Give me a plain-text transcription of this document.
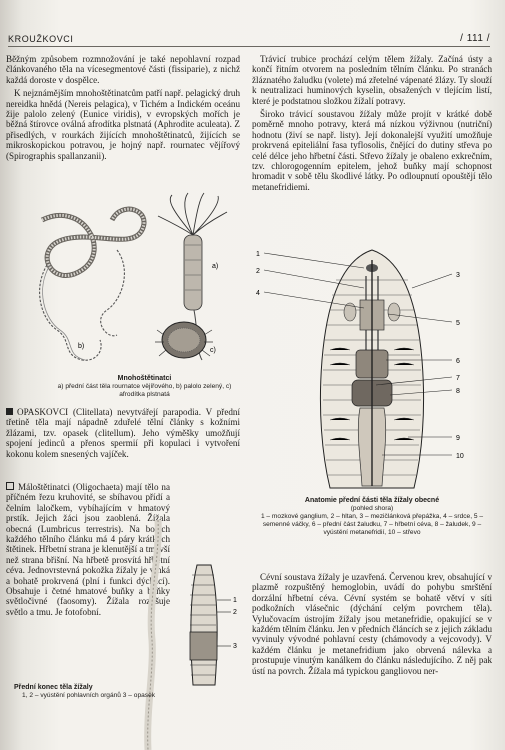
KROUŽKOVCI	/ 111 /

Běžným způsobem rozmnožování je také nepohlavní rozpad článkovaného těla na vícesegmentové části (fissiparie), z nichž každá doroste v dospělce.

K nejznámějším mnohoštětinatcům patří např. pelagický druh nereidka hnědá (Nereis pelagica), v Tichém a Indickém oceánu žije palolo zelený (Eunice viridis), v evropských mořích je běžná štírovce oválná afrodítka plstnatá (Aphrodite aculeata). Z přisedlých, v rourkách žijících mnohoštětinatců, žijících se mikroskopickou potravou, je hojný např. rournatec vějířový (Spirographis spallanzanii).

a)
b)
c)
Mnohoštětinatci
a) přední část těla rournatce vějířového, b) palolo zelený, c) afrodítka plstnatá

OPASKOVCI (Clitellata) nevytvářejí parapodia. V přední třetině těla mají nápadně zduřelé tělní články s kožními žlázami, tzv. opasek (clitellum). Jeho výměšky umožňují spojení jedinců a přenos spermií při kopulaci i vytvoření kokonu kolem snesených vajíček.

Máloštětinatci (Oligochaeta) mají tělo na příčném řezu kruhovité, se sbíhavou přídí a čelním laločkem, vybíhajícím v hmatový prstík. Jejich žáci jsou zaoblená. Žížala obecná (Lumbricus terrestris). Na bocích každého tělního článku má 4 páry krátkých štětinek. Hřbetní strana je klenutější a tmavší než strana břišní. Na hřbetě prosvítá hřbetní céva. Jednovrstevná pokožka žížaly je vlhká a bohatě prokrvená (plní i funkci dýchací). Obsahuje i četné hmatové buňky a buňky světločivné (faosomy). Žížala rozlišuje světlo a tmu. Je fotofobní.

1
2
3
Přední konec těla žížaly
1, 2 – vyústění pohlavních orgánů 3 – opasek

Trávicí trubice prochází celým tělem žížaly. Začíná ústy a končí řitním otvorem na posledním tělním článku. Po stranách žláznatého žaludku (volete) má zřetelné vápenaté žlázy. Ty slouží k neutralizaci huminových kyselin, obsažených v tlejícím listí, které je podstatnou složkou žížalí potravy.

Široko trávicí soustavou žížaly může projít v krátké době poměrně mnoho potravy, která má nízkou výživnou (nutriční) hodnotu (živí se např. listy). Její dokonalejší využití umožňuje prokrvená epiteliální řasa tyflosolis, čnějící do dutiny střeva po celé délce jeho hřbetní části. Střevo žížaly je obaleno exkrečním, tzv. chlorogogenním epitelem, jehož buňky mají schopnost hromadit v sobě tělu škodlivé látky. Po odloupnutí opouštějí tělo metanefridiemi.

1
2
4
3
5
6
7
8
9
10
Anatomie přední části těla žížaly obecné
(pohled shora)
1 – mozkové ganglium, 2 – hltan, 3 – mezičlánková přepážka, 4 – srdce, 5 – semenné váčky, 6 – přední část žaludku, 7 – hřbetní céva, 8 – žaludek, 9 – vyústění metanefridií, 10 – střevo

Cévní soustava žížaly je uzavřená. Červenou krev, obsahující v plazmě rozpuštěný hemoglobin, uvádí do pohybu smrštění dorzální hřbetní céva. Cévní systém se bohatě větví v síti podkožních vlásečnic (dýchání celým povrchem těla). Vylučovacím ústrojím žížaly jsou metanefridie, opakující se v každém tělním článku. Jen v předních článcích se z jejich základu vyvinuly vývodné pohlavní cesty (chámovody a vejcovody). V každém článku je metanefridium jako obrvená nálevka a prostupuje vinutým kanálkem do článku následujícího. Z něj pak ústí na povrch. Žížala má typickou gangliovou ner-
